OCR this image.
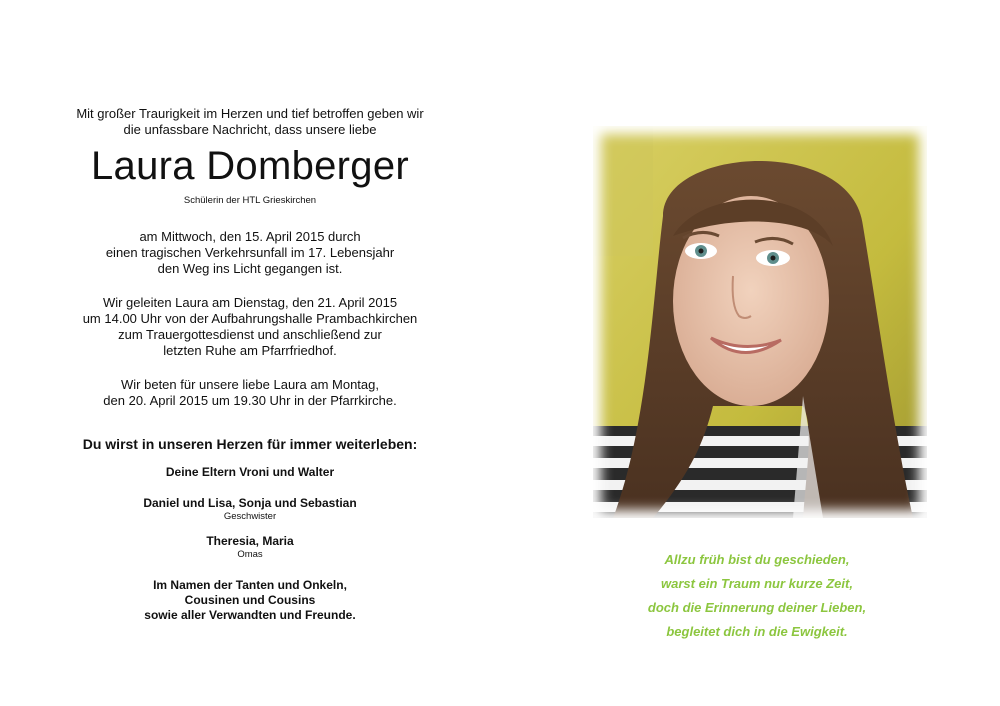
Mit großer Traurigkeit im Herzen und tief betroffen geben wir
die unfassbare Nachricht, dass unsere liebe
Laura Domberger
Schülerin der HTL Grieskirchen
am Mittwoch, den 15. April 2015 durch
einen tragischen Verkehrsunfall im 17. Lebensjahr
den Weg ins Licht gegangen ist.
Wir geleiten Laura am Dienstag, den 21. April 2015
um 14.00 Uhr von der Aufbahrungshalle Prambachkirchen
zum Trauergottesdienst und anschließend zur
letzten Ruhe am Pfarrfriedhof.
Wir beten für unsere liebe Laura am Montag,
den 20. April 2015 um 19.30 Uhr in der Pfarrkirche.
Du wirst in unseren Herzen für immer weiterleben:
Deine Eltern Vroni und Walter
Daniel und Lisa, Sonja und Sebastian
Geschwister
Theresia, Maria
Omas
Im Namen der Tanten und Onkeln,
Cousinen und Cousins
sowie aller Verwandten und Freunde.
Allzu früh bist du geschieden,
warst ein Traum nur kurze Zeit,
doch die Erinnerung deiner Lieben,
begleitet dich in die Ewigkeit.
